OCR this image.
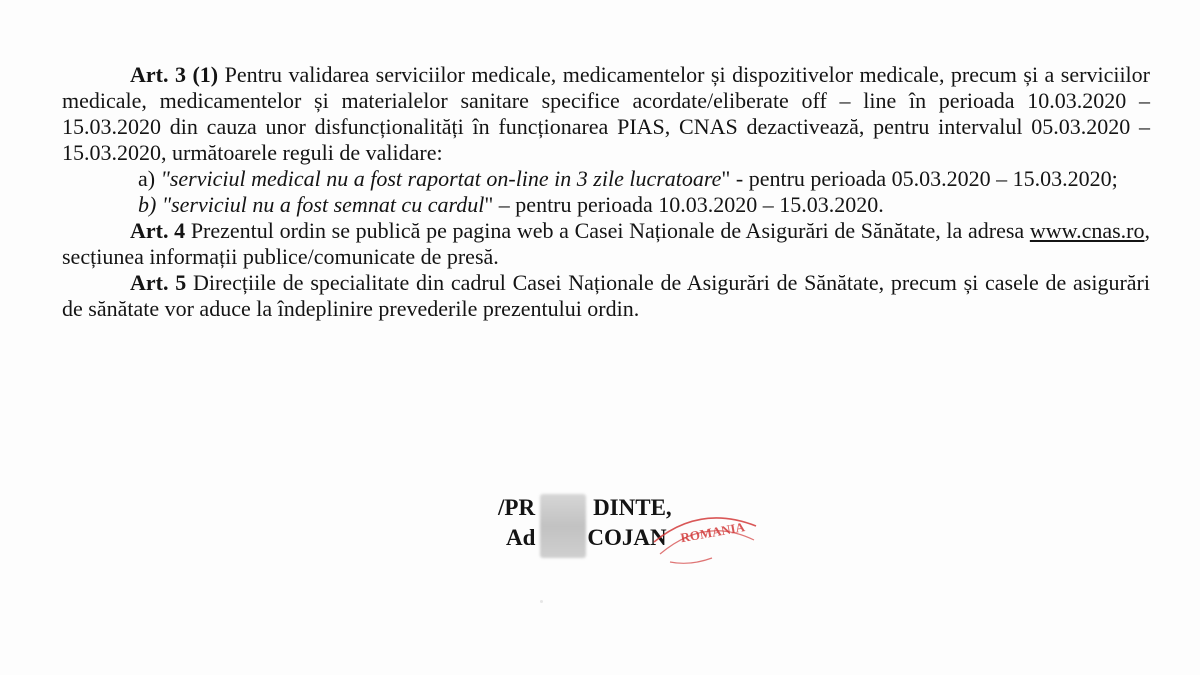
Art. 3 (1) Pentru validarea serviciilor medicale, medicamentelor și dispozitivelor medicale, precum și a serviciilor medicale, medicamentelor și materialelor sanitare specifice acordate/eliberate off – line în perioada 10.03.2020 – 15.03.2020 din cauza unor disfuncționalități în funcționarea PIAS, CNAS dezactivează, pentru intervalul 05.03.2020 – 15.03.2020, următoarele reguli de validare:

a) "serviciul medical nu a fost raportat on-line in 3 zile lucratoare" - pentru perioada 05.03.2020 – 15.03.2020;

b) "serviciul nu a fost semnat cu cardul" – pentru perioada 10.03.2020 – 15.03.2020.

Art. 4 Prezentul ordin se publică pe pagina web a Casei Naționale de Asigurări de Sănătate, la adresa www.cnas.ro, secțiunea informații publice/comunicate de presă.

Art. 5 Direcțiile de specialitate din cadrul Casei Naționale de Asigurări de Sănătate, precum și casele de asigurări de sănătate vor aduce la îndeplinire prevederile prezentului ordin.

/PR	DINTE,
Ad COJAN ROMANIA
